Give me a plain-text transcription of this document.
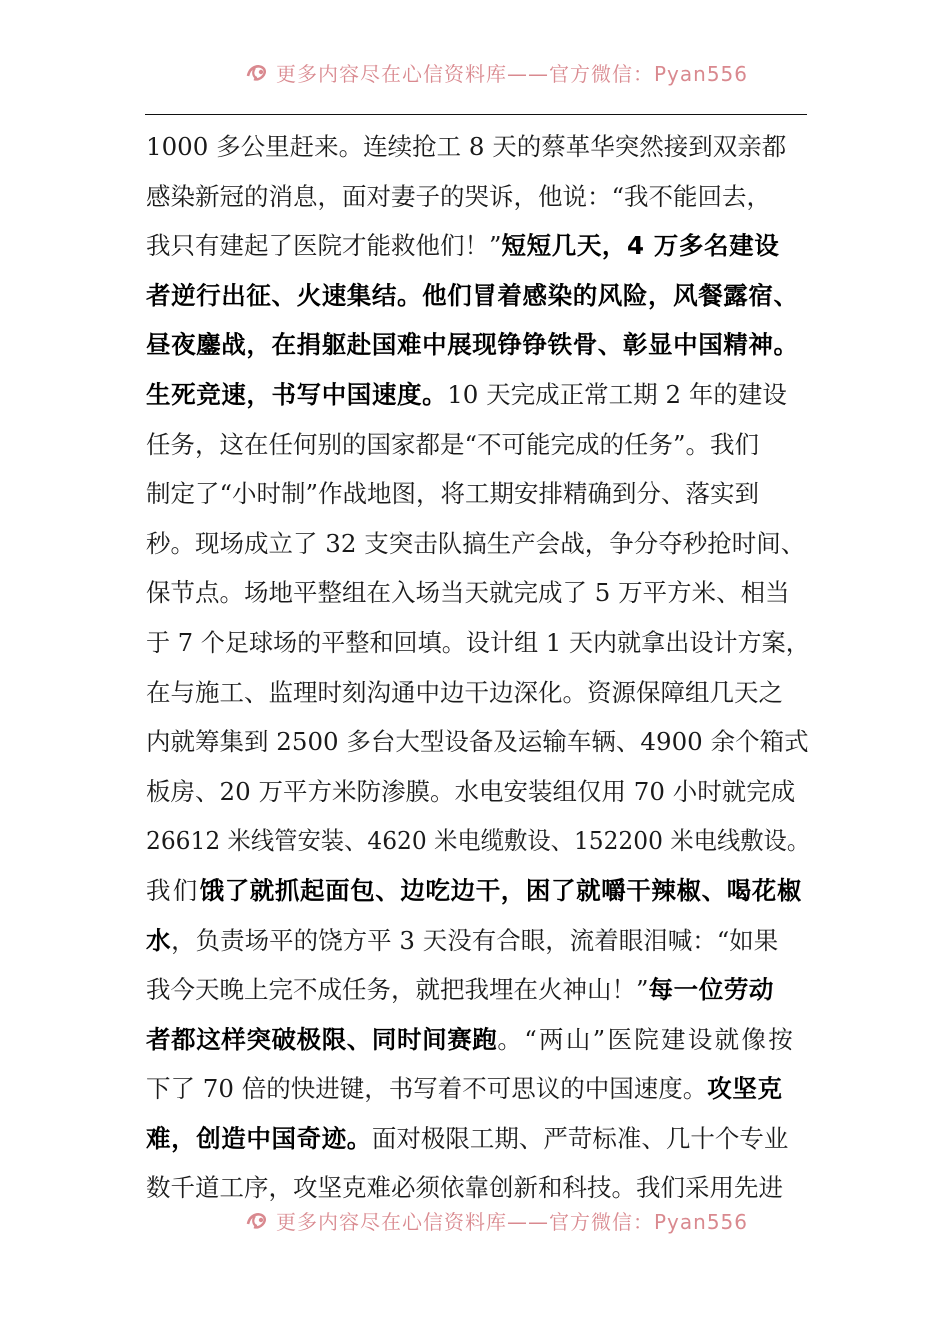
更多内容尽在心信资料库——官方微信：Pyan556
1000 多公里赶来。连续抢工 8 天的蔡革华突然接到双亲都
感染新冠的消息，面对妻子的哭诉，他说：“我不能回去，
我只有建起了医院才能救他们！”短短几天，4 万多名建设
者逆行出征、火速集结。他们冒着感染的风险，风餐露宿、
昼夜鏖战，在捐躯赴国难中展现铮铮铁骨、彰显中国精神。
生死竞速，书写中国速度。10 天完成正常工期 2 年的建设
任务，这在任何别的国家都是“不可能完成的任务”。我们
制定了“小时制”作战地图，将工期安排精确到分、落实到
秒。现场成立了 32 支突击队搞生产会战，争分夺秒抢时间、
保节点。场地平整组在入场当天就完成了 5 万平方米、相当
于 7 个足球场的平整和回填。设计组 1 天内就拿出设计方案，
在与施工、监理时刻沟通中边干边深化。资源保障组几天之
内就筹集到 2500 多台大型设备及运输车辆、4900 余个箱式
板房、20 万平方米防渗膜。水电安装组仅用 70 小时就完成
26612 米线管安装、4620 米电缆敷设、152200 米电线敷设。
我们饿了就抓起面包、边吃边干，困了就嚼干辣椒、喝花椒
水，负责场平的饶方平 3 天没有合眼，流着眼泪喊：“如果
我今天晚上完不成任务，就把我埋在火神山！”每一位劳动
者都这样突破极限、同时间赛跑。“两山”医院建设就像按
下了 70 倍的快进键，书写着不可思议的中国速度。攻坚克
难，创造中国奇迹。面对极限工期、严苛标准、几十个专业
数千道工序，攻坚克难必须依靠创新和科技。我们采用先进
更多内容尽在心信资料库——官方微信：Pyan556
